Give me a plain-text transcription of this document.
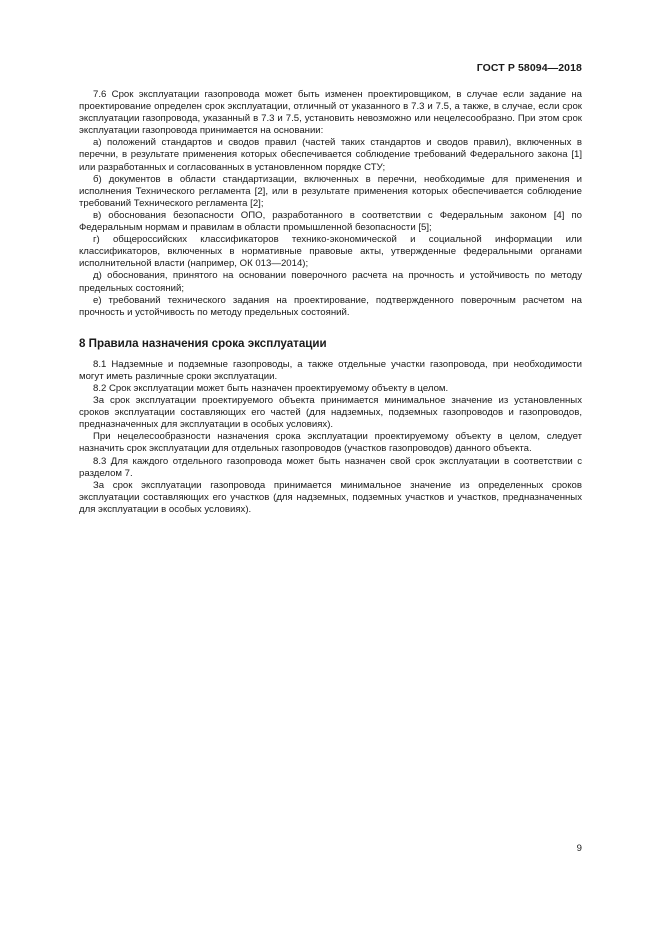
ГОСТ Р 58094—2018

7.6 Срок эксплуатации газопровода может быть изменен проектировщиком, в случае если задание на проектирование определен срок эксплуатации, отличный от указанного в 7.3 и 7.5, а также, в случае, если срок эксплуатации газопровода, указанный в 7.3 и 7.5, установить невозможно или нецелесообразно. При этом срок эксплуатации газопровода принимается на основании:

а) положений стандартов и сводов правил (частей таких стандартов и сводов правил), включенных в перечни, в результате применения которых обеспечивается соблюдение требований Федерального закона [1] или разработанных и согласованных в установленном порядке СТУ;

б) документов в области стандартизации, включенных в перечни, необходимые для применения и исполнения Технического регламента [2], или в результате применения которых обеспечивается соблюдение требований Технического регламента [2];

в) обоснования безопасности ОПО, разработанного в соответствии с Федеральным законом [4] по Федеральным нормам и правилам в области промышленной безопасности [5];

г) общероссийских классификаторов технико-экономической и социальной информации или классификаторов, включенных в нормативные правовые акты, утвержденные федеральными органами исполнительной власти (например, ОК 013—2014);

д) обоснования, принятого на основании поверочного расчета на прочность и устойчивость по методу предельных состояний;

е) требований технического задания на проектирование, подтвержденного поверочным расчетом на прочность и устойчивость по методу предельных состояний.

8 Правила назначения срока эксплуатации

8.1 Надземные и подземные газопроводы, а также отдельные участки газопровода, при необходимости могут иметь различные сроки эксплуатации.

8.2 Срок эксплуатации может быть назначен проектируемому объекту в целом.

За срок эксплуатации проектируемого объекта принимается минимальное значение из установленных сроков эксплуатации составляющих его частей (для надземных, подземных газопроводов и газопроводов, предназначенных для эксплуатации в особых условиях).

При нецелесообразности назначения срока эксплуатации проектируемому объекту в целом, следует назначить срок эксплуатации для отдельных газопроводов (участков газопроводов) данного объекта.

8.3 Для каждого отдельного газопровода может быть назначен свой срок эксплуатации в соответствии с разделом 7.

За срок эксплуатации газопровода принимается минимальное значение из определенных сроков эксплуатации составляющих его участков (для надземных, подземных участков и участков, предназначенных для эксплуатации в особых условиях).

9
